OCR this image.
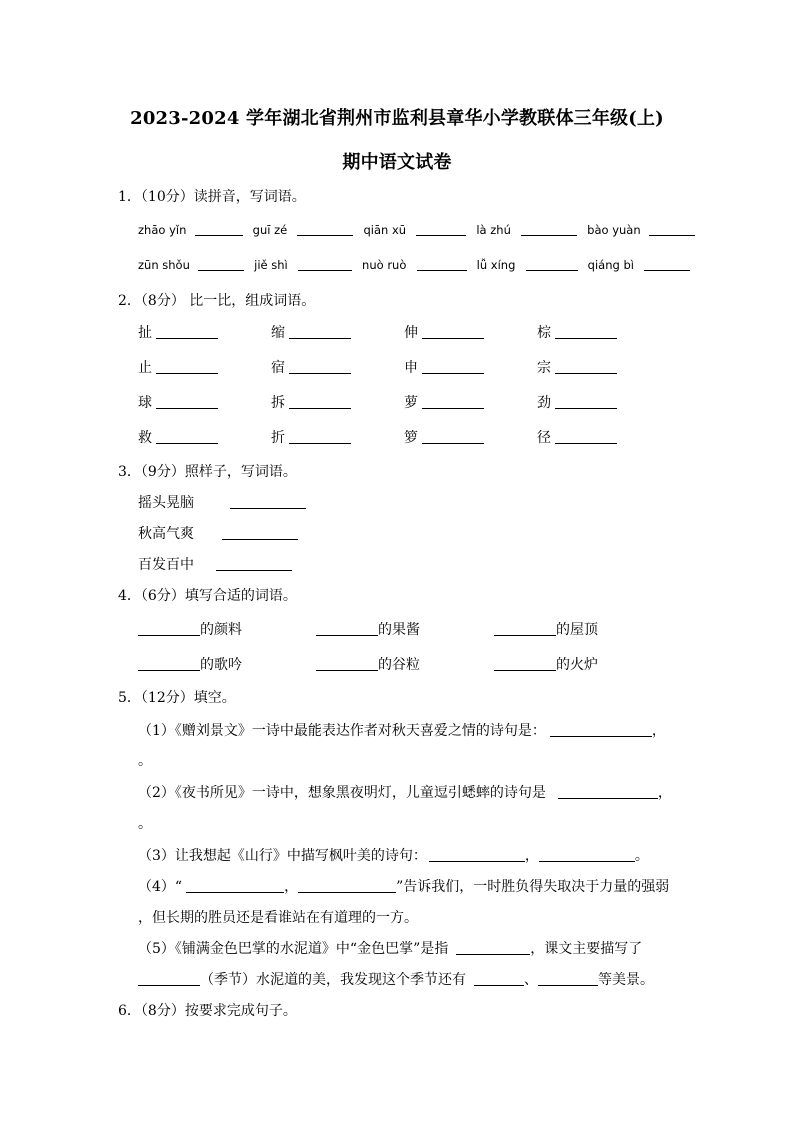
2023-2024 学年湖北省荆州市监利县章华小学教联体三年级(上)
期中语文试卷
1．（10分）读拼音，写词语。
zhāo yǐn	guī zé	qiān xū	là zhú	bào yuàn
zūn shǒu	jiě shì	nuò ruò	lǚ xíng	qiáng bì
2．（8分） 比一比，组成词语。
扯	缩	伸	棕
止	宿	申	宗
球	拆	萝	劲
救	折	箩	径
3．（9分）照样子，写词语。
摇头晃脑
秋高气爽
百发百中
4．（6分）填写合适的词语。
的颜料	的果酱	的屋顶
的歌吟	的谷粒	的火炉
5．（12分）填空。
（1）《赠刘景文》一诗中最能表达作者对秋天喜爱之情的诗句是：	，
。
（2）《夜书所见》一诗中，想象黑夜明灯，儿童逗引蟋蟀的诗句是	，
。
（3）让我想起《山行》中描写枫叶美的诗句：	，	。
（4）“	，	”告诉我们，一时胜负得失取决于力量的强弱
，但长期的胜员还是看谁站在有道理的一方。
（5）《铺满金色巴掌的水泥道》中“金色巴掌”是指	，课文主要描写了
（季节）水泥道的美，我发现这个季节还有	、	等美景。
6．（8分）按要求完成句子。
